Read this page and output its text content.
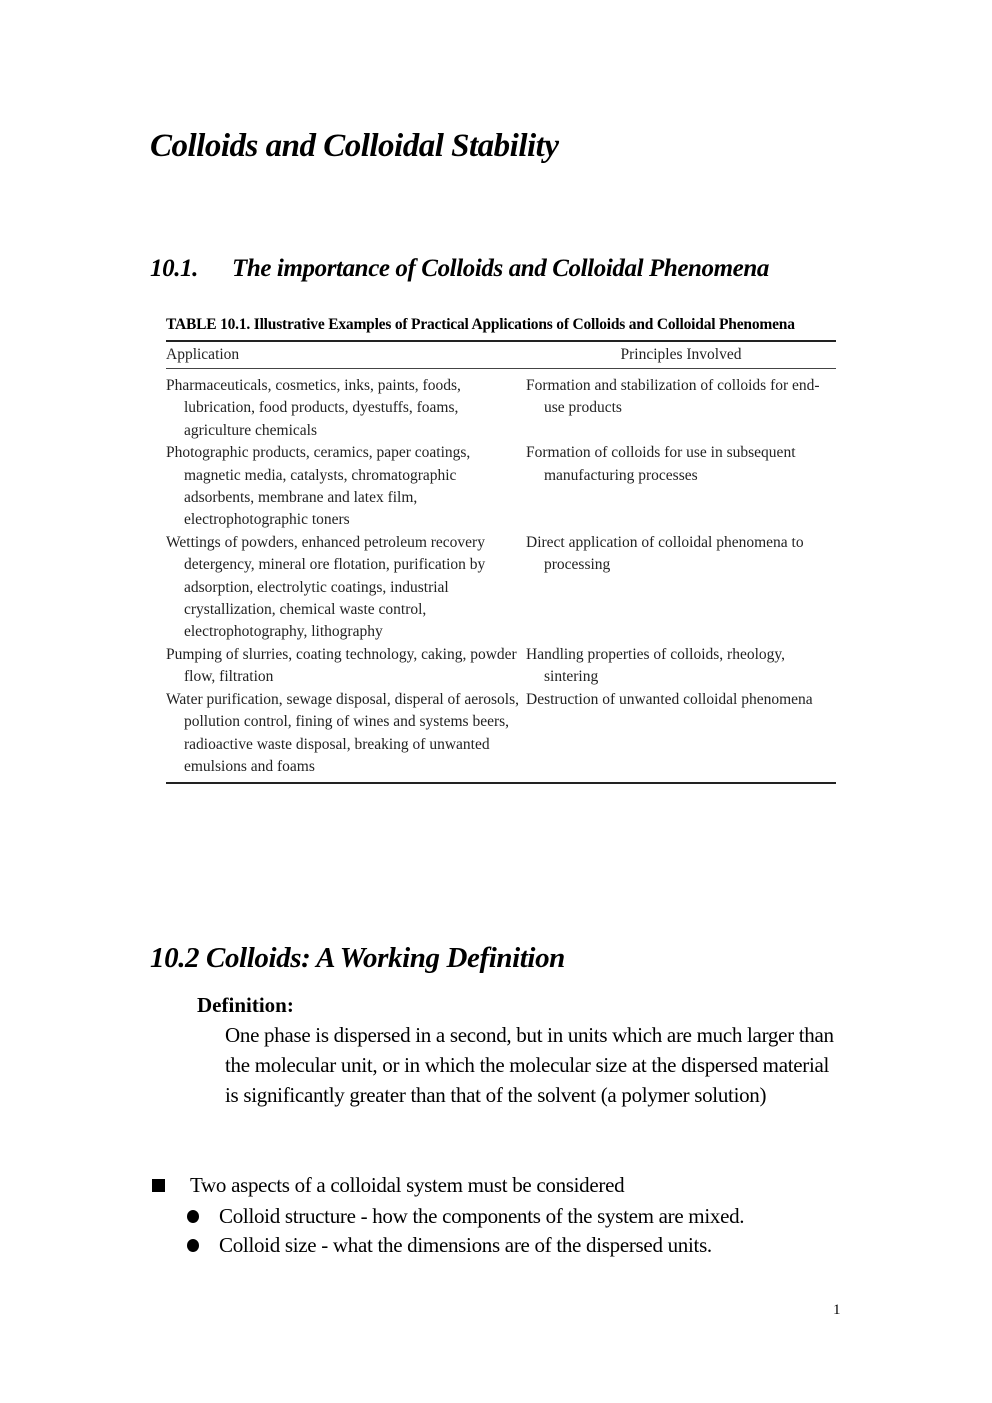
Colloids and Colloidal Stability
10.1. The importance of Colloids and Colloidal Phenomena

TABLE 10.1. Illustrative Examples of Practical Applications of Colloids and Colloidal Phenomena

Application	Principles Involved

Pharmaceuticals, cosmetics, inks, paints, foods, lubrication, food products, dyestuffs, foams, agriculture chemicals

Formation and stabilization of colloids for end-use products

Photographic products, ceramics, paper coatings, magnetic media, catalysts, chromatographic adsorbents, membrane and latex film, electrophotographic toners

Formation of colloids for use in subsequent manufacturing processes

Wettings of powders, enhanced petroleum recovery detergency, mineral ore flotation, purification by adsorption, electrolytic coatings, industrial crystallization, chemical waste control, electrophotography, lithography

Direct application of colloidal phenomena to processing

Pumping of slurries, coating technology, caking, powder flow, filtration

Handling properties of colloids, rheology, sintering

Water purification, sewage disposal, disperal of aerosols, pollution control, fining of wines and systems beers, radioactive waste disposal, breaking of unwanted emulsions and foams

Destruction of unwanted colloidal phenomena

10.2 Colloids: A Working Definition

Definition:

One phase is dispersed in a second, but in units which are much larger than the molecular unit, or in which the molecular size at the dispersed material is significantly greater than that of the solvent (a polymer solution)

Two aspects of a colloidal system must be considered
Colloid structure - how the components of the system are mixed.
Colloid size - what the dimensions are of the dispersed units.

1
